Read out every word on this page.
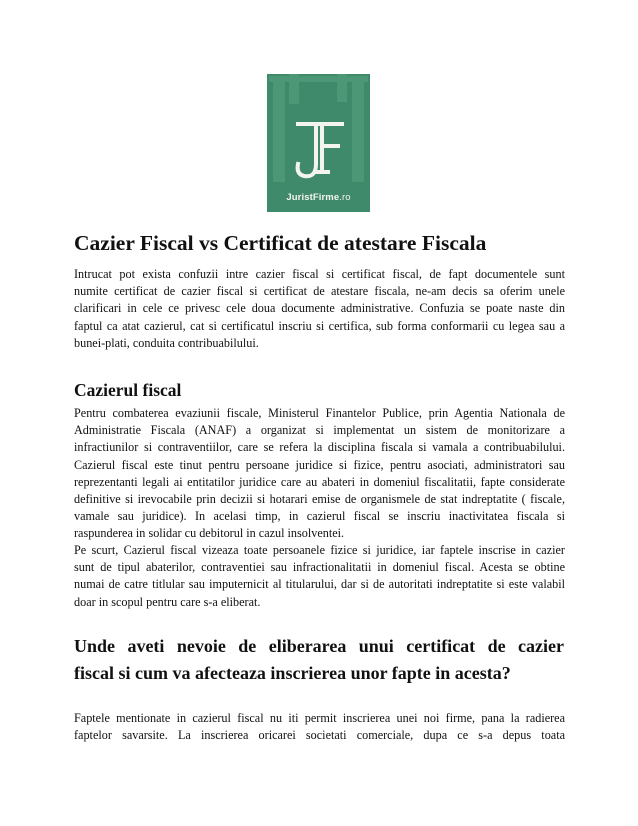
JuristFirme.ro
Cazier Fiscal vs Certificat de atestare Fiscala
Intrucat pot exista confuzii intre cazier fiscal si certificat fiscal, de fapt documentele sunt
numite certificat de cazier fiscal si certificat de atestare fiscala, ne-am decis sa oferim unele
clarificari in cele ce privesc cele doua documente administrative. Confuzia se poate naste din
faptul ca atat cazierul, cat si certificatul inscriu si certifica, sub forma conformarii cu legea sau a
bunei-plati, conduita contribuabilului.
Cazierul fiscal
Pentru combaterea evaziunii fiscale, Ministerul Finantelor Publice, prin Agentia Nationala de
Administratie Fiscala (ANAF) a organizat si implementat un sistem de monitorizare a
infractiunilor si contraventiilor, care se refera la disciplina fiscala si vamala a contribuabilului.
Cazierul fiscal este tinut pentru persoane juridice si fizice, pentru asociati, administratori sau
reprezentanti legali ai entitatilor juridice care au abateri in domeniul fiscalitatii, fapte considerate
definitive si irevocabile prin decizii si hotarari emise de organismele de stat indreptatite ( fiscale,
vamale sau juridice). In acelasi timp, in cazierul fiscal se inscriu inactivitatea fiscala si
raspunderea in solidar cu debitorul in cazul insolventei.
Pe scurt, Cazierul fiscal vizeaza toate persoanele fizice si juridice, iar faptele inscrise in cazier
sunt de tipul abaterilor, contraventiei sau infractionalitatii in domeniul fiscal. Acesta se obtine
numai de catre titlular sau imputernicit al titularului, dar si de autoritati indreptatite si este valabil
doar in scopul pentru care s-a eliberat.
Unde aveti nevoie de eliberarea unui certificat de cazier
fiscal si cum va afecteaza inscrierea unor fapte in acesta?
Faptele mentionate in cazierul fiscal nu iti permit inscrierea unei noi firme, pana la radierea
faptelor savarsite. La inscrierea oricarei societati comerciale, dupa ce s-a depus toata
